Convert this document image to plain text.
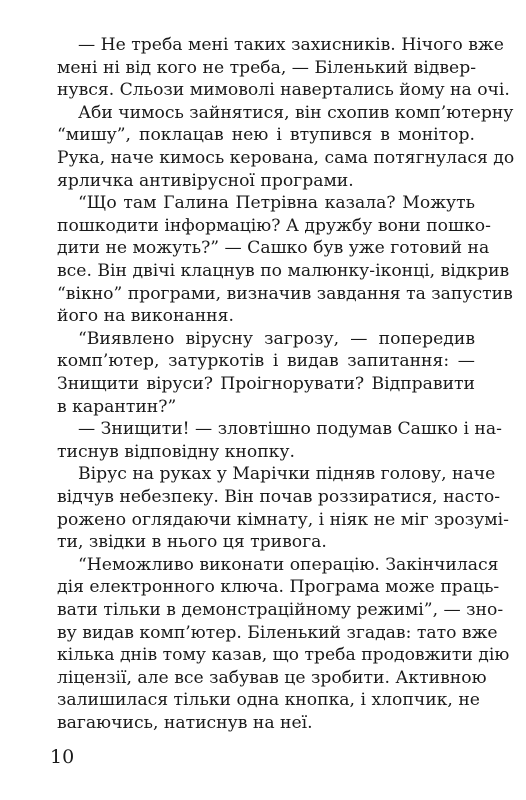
— Не треба мені таких захисників. Нічого вже
мені ні від кого не треба, — Біленький відвер-
нувся. Сльози мимоволі навертались йому на очі.
Аби чимось зайнятися, він схопив комп’ютерну
“мишу”, поклацав нею і втупився в монітор.
Рука, наче кимось керована, сама потягнулася до
ярличка антивірусної програми.
“Що там Галина Петрівна казала? Можуть
пошкодити інформацію? А дружбу вони пошко-
дити не можуть?” — Сашко був уже готовий на
все. Він двічі клацнув по малюнку-іконці, відкрив
“вікно” програми, визначив завдання та запустив
його на виконання.
“Виявлено вірусну загрозу, — попередив
комп’ютер, затуркотів і видав запитання: —
Знищити віруси? Проігнорувати? Відправити
в карантин?”
— Знищити! — зловтішно подумав Сашко і на-
тиснув відповідну кнопку.
Вірус на руках у Марічки підняв голову, наче
відчув небезпеку. Він почав роззиратися, насто-
рожено оглядаючи кімнату, і ніяк не міг зрозумі-
ти, звідки в нього ця тривога.
“Неможливо виконати операцію. Закінчилася
дія електронного ключа. Програма може праць-
вати тільки в демонстраційному режимі”, — зно-
ву видав комп’ютер. Біленький згадав: тато вже
кілька днів тому казав, що треба продовжити дію
ліцензії, але все забував це зробити. Активною
залишилася тільки одна кнопка, і хлопчик, не
вагаючись, натиснув на неї.
10
